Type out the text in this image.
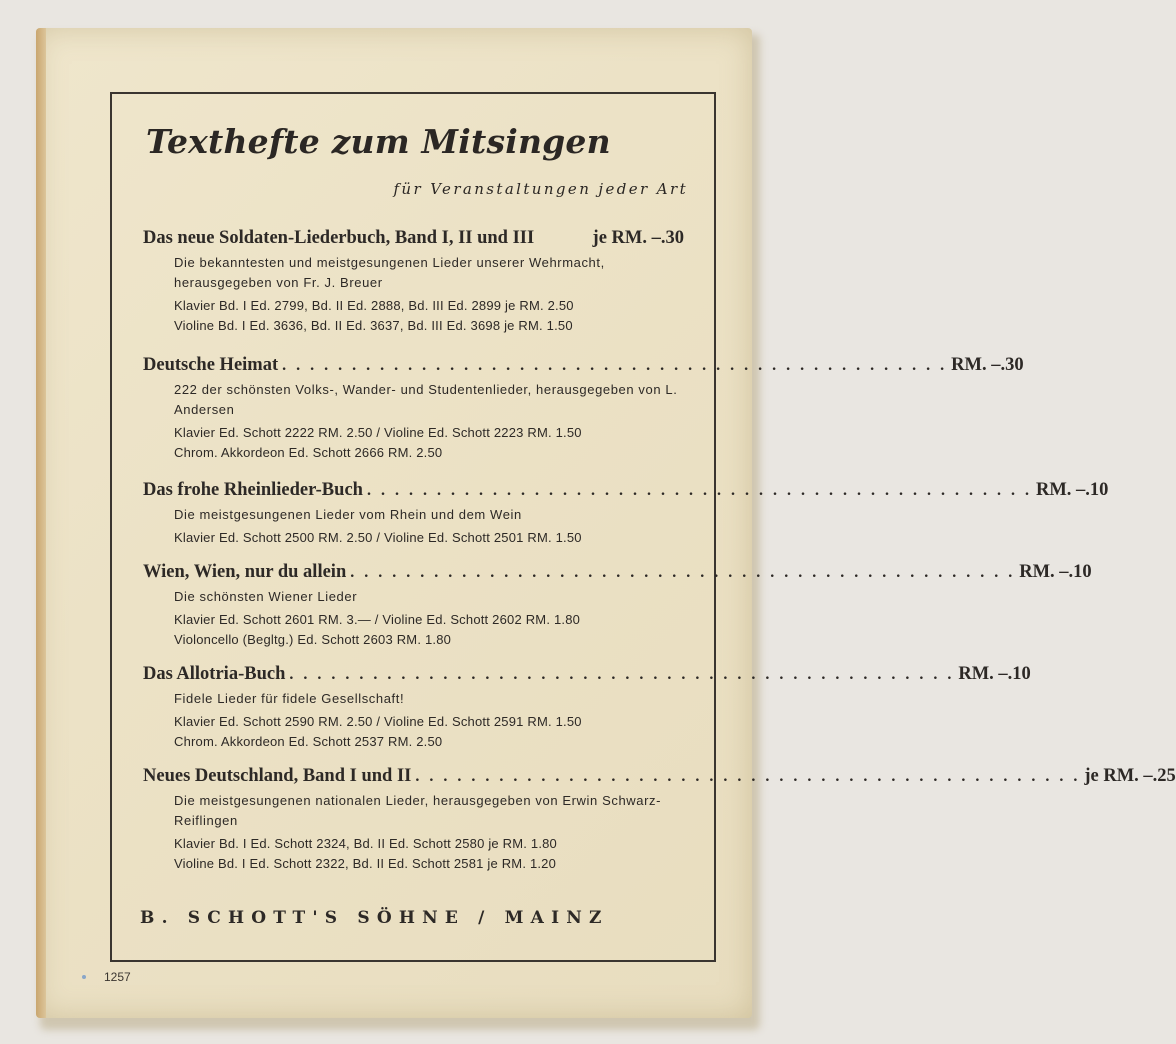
Texthefte zum Mitsingen

für Veranstaltungen jeder Art

Das neue Soldaten-Liederbuch, Band I, II und III	je RM. –.30
Die bekanntesten und meistgesungenen Lieder unserer Wehrmacht, herausgegeben von Fr. J. Breuer
Klavier Bd. I Ed. 2799, Bd. II Ed. 2888, Bd. III Ed. 2899 je RM. 2.50
Violine Bd. I Ed. 3636, Bd. II Ed. 3637, Bd. III Ed. 3698 je RM. 1.50
Deutsche Heimat . . . . . . . . . . . . . . . . . . . . . . . . . . . . . . . . . . . . . . . . . . . . . . . . RM. –.30
222 der schönsten Volks-, Wander- und Studentenlieder, herausgegeben von L. Andersen
Klavier Ed. Schott 2222 RM. 2.50 / Violine Ed. Schott 2223 RM. 1.50
Chrom. Akkordeon Ed. Schott 2666 RM. 2.50
Das frohe Rheinlieder-Buch . . . . . . . . . . . . . . . . . . . . . . . . . . . . . . . . . . . . . . . . . . . . . . . . RM. –.10
Die meistgesungenen Lieder vom Rhein und dem Wein
Klavier Ed. Schott 2500 RM. 2.50 / Violine Ed. Schott 2501 RM. 1.50
Wien, Wien, nur du allein . . . . . . . . . . . . . . . . . . . . . . . . . . . . . . . . . . . . . . . . . . . . . . . . RM. –.10
Die schönsten Wiener Lieder
Klavier Ed. Schott 2601 RM. 3.— / Violine Ed. Schott 2602 RM. 1.80
Violoncello (Begltg.) Ed. Schott 2603 RM. 1.80
Das Allotria-Buch . . . . . . . . . . . . . . . . . . . . . . . . . . . . . . . . . . . . . . . . . . . . . . . . RM. –.10
Fidele Lieder für fidele Gesellschaft!
Klavier Ed. Schott 2590 RM. 2.50 / Violine Ed. Schott 2591 RM. 1.50
Chrom. Akkordeon Ed. Schott 2537 RM. 2.50
Neues Deutschland, Band I und II . . . . . . . . . . . . . . . . . . . . . . . . . . . . . . . . . . . . . . . . . . . . . . . . je RM. –.25
Die meistgesungenen nationalen Lieder, herausgegeben von Erwin Schwarz-Reiflingen
Klavier Bd. I Ed. Schott 2324, Bd. II Ed. Schott 2580 je RM. 1.80
Violine Bd. I Ed. Schott 2322, Bd. II Ed. Schott 2581 je RM. 1.20

B. SCHOTT'S SÖHNE / MAINZ

1257
